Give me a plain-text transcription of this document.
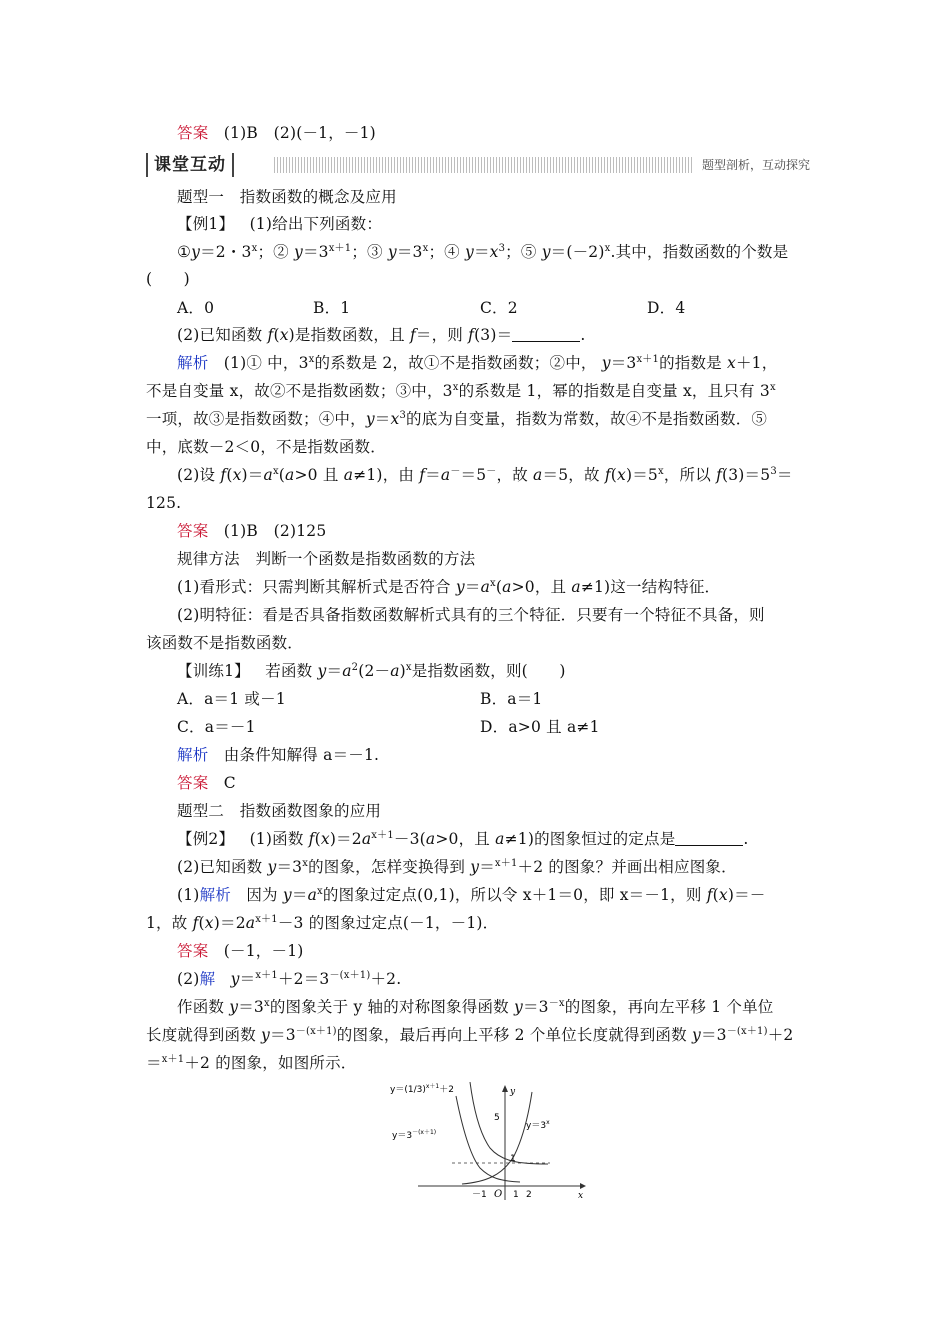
答案 (1)B　(2)(－1，－1)
课堂互动	题型剖析，互动探究
题型一　指数函数的概念及应用
【例1】 (1)给出下列函数：
①y＝2・3$^x$；② $y=3^{x+1}$；③ $y=3^x$；④ $y=x^3$；⑤ $y=(-2)^x$.其中，指数函数的个数是
(　　)
A．0	B．1	C．2	D．4
(2)已知函数 f(x)是指数函数，且 f＝，则 f(3)＝	.
解析 (1)① 中，3$^x$的系数是 2，故①不是指数函数；②中， $y=3^{x+1}$的指数是 x＋1，
不是自变量 x，故②不是指数函数；③中，3$^x$的系数是 1，幂的指数是自变量 x，且只有 3$^x$
一项，故③是指数函数；④中，$y=x^3$的底为自变量，指数为常数，故④不是指数函数．⑤
中，底数－2＜0，不是指数函数．
(2)设 $f(x)=a^x(a>0$ 且 a≠1)，由 f＝a－＝5－，故 a＝5，故 $f(x)=5^x$，所以 $f(3)=5^3=$
125.
答案 (1)B　(2)125
规律方法　判断一个函数是指数函数的方法
(1)看形式：只需判断其解析式是否符合 $y=a^x(a>0$，且 a≠1)这一结构特征．
(2)明特征：看是否具备指数函数解析式具有的三个特征．只要有一个特征不具备，则
该函数不是指数函数．
【训练1】 若函数 $y=a^2(2-a)^x$是指数函数，则(　　)
A．a＝1 或－1	B．a＝1
C．a＝－1	D．a>0 且 a≠1
解析 由条件知解得 a＝－1.
答案 C
题型二　指数函数图象的应用
【例2】 (1)函数 $f(x)=2a^{x+1}-3(a>0$，且 a≠1)的图象恒过的定点是	.
(2)已知函数 $y=3^x$的图象，怎样变换得到 y＝$^{x+1}$＋2 的图象？并画出相应图象．
(1)解析 因为 $y=a^x$的图象过定点(0,1)，所以令 x＋1＝0，即 x＝－1，则 f(x)＝－
1，故 $f(x)=2a^{x+1}-3$ 的图象过定点(－1，－1)．
答案 (－1，－1)
(2)解 $y=^{x+1}+2=3^{-(x+1)}+2$.
作函数 $y=3^x$的图象关于 y 轴的对称图象得函数 $y=3^{-x}$的图象，再向左平移 1 个单位
长度就得到函数 $y=3^{-(x+1)}$的图象，最后再向上平移 2 个单位长度就得到函数 $y=3^{-(x+1)}+2$
＝$^{x+1}$＋2 的图象，如图所示．
$y=(1/3)^{x+1}+2$
$y=3^{-(x+1)}$
$y=3^x$
5
1
－1 O 1 2	x
y
